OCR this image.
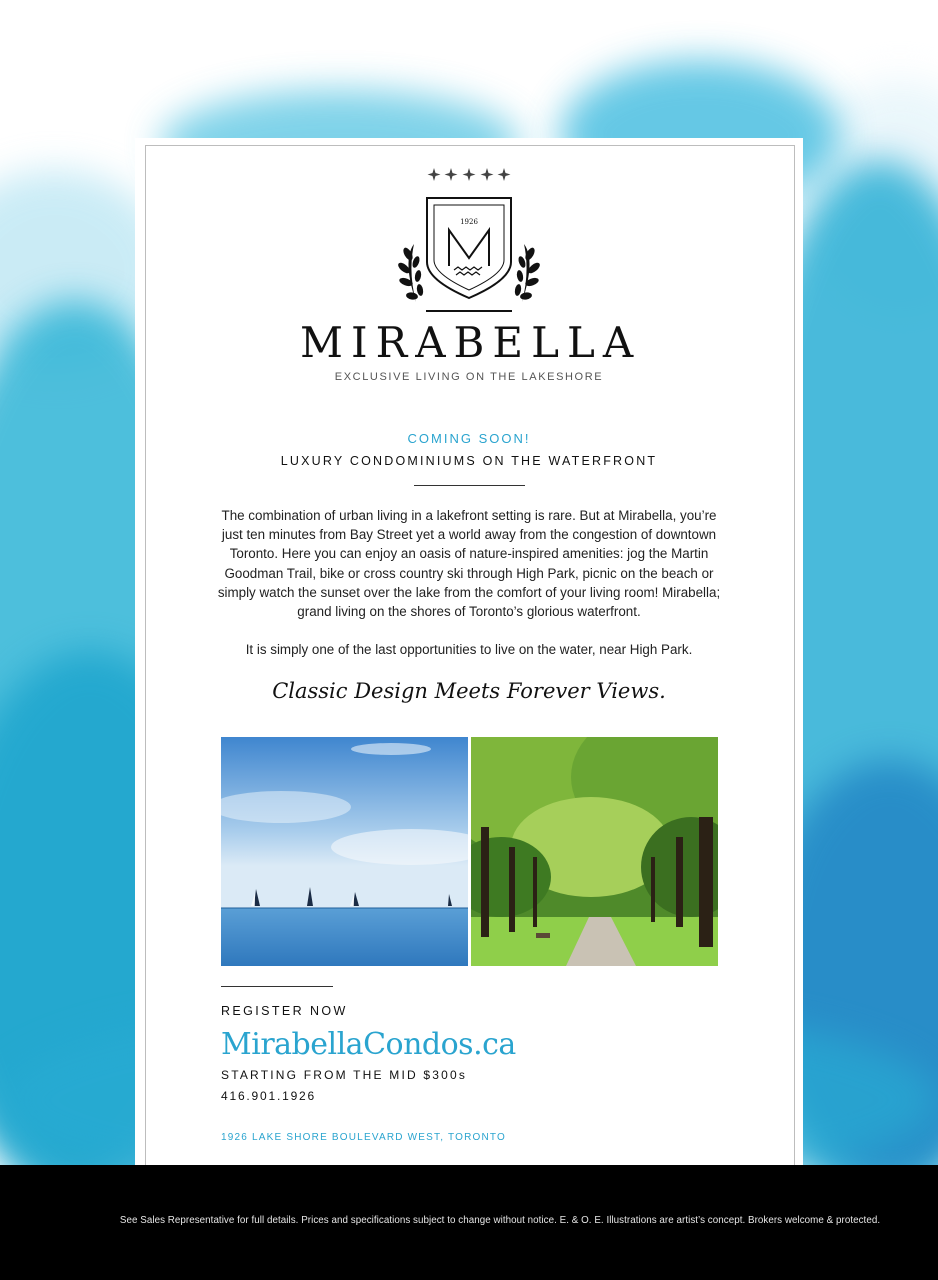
1926
MIRABELLA
EXCLUSIVE LIVING ON THE LAKESHORE
COMING SOON!
LUXURY CONDOMINIUMS ON THE WATERFRONT

The combination of urban living in a lakefront setting is rare. But at Mirabella, you’re just ten minutes from Bay Street yet a world away from the congestion of downtown Toronto. Here you can enjoy an oasis of nature-inspired amenities: jog the Martin Goodman Trail, bike or cross country ski through High Park, picnic on the beach or simply watch the sunset over the lake from the comfort of your living room! Mirabella; grand living on the shores of Toronto’s glorious waterfront.

It is simply one of the last opportunities to live on the water, near High Park.

Classic Design Meets Forever Views.
REGISTER NOW
MirabellaCondos.ca
STARTING FROM THE MID $300s
416.901.1926
1926 LAKE SHORE BOULEVARD WEST, TORONTO
See Sales Representative for full details. Prices and specifications subject to change without notice. E. & O. E. Illustrations are artist’s concept. Brokers welcome & protected.
